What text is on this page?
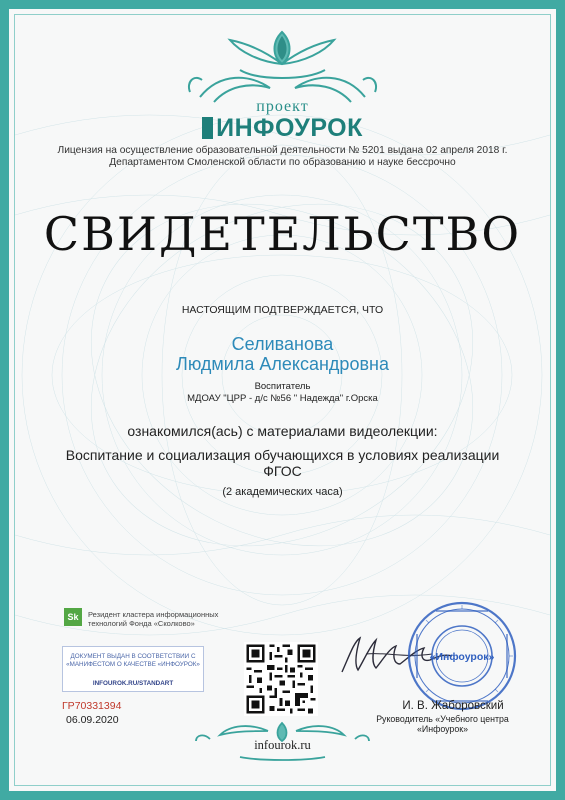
проект
ИНФОУРОК
Лицензия на осуществление образовательной деятельности № 5201 выдана 02 апреля 2018 г.
Департаментом Смоленской области по образованию и науке бессрочно
СВИДЕТЕЛЬСТВО
НАСТОЯЩИМ ПОДТВЕРЖДАЕТСЯ, ЧТО
Селиванова
Людмила Александровна
Воспитатель
МДОАУ "ЦРР - д/с №56 " Надежда" г.Орска
ознакомился(ась) с материалами видеолекции:
Воспитание и социализация обучающихся в условиях реализации
ФГОС
(2 академических часа)
Sk	Резидент кластера информационных
технологий Фонда «Сколково»
ДОКУМЕНТ ВЫДАН В СООТВЕТСТВИИ С
«МАНИФЕСТОМ О КАЧЕСТВЕ «ИНФОУРОК»
INFOUROK.RU/STANDART
ГР70331394
06.09.2020
«Инфоурок»
И. В. Жаборовский
Руководитель «Учебного центра «Инфоурок»
infourok.ru
